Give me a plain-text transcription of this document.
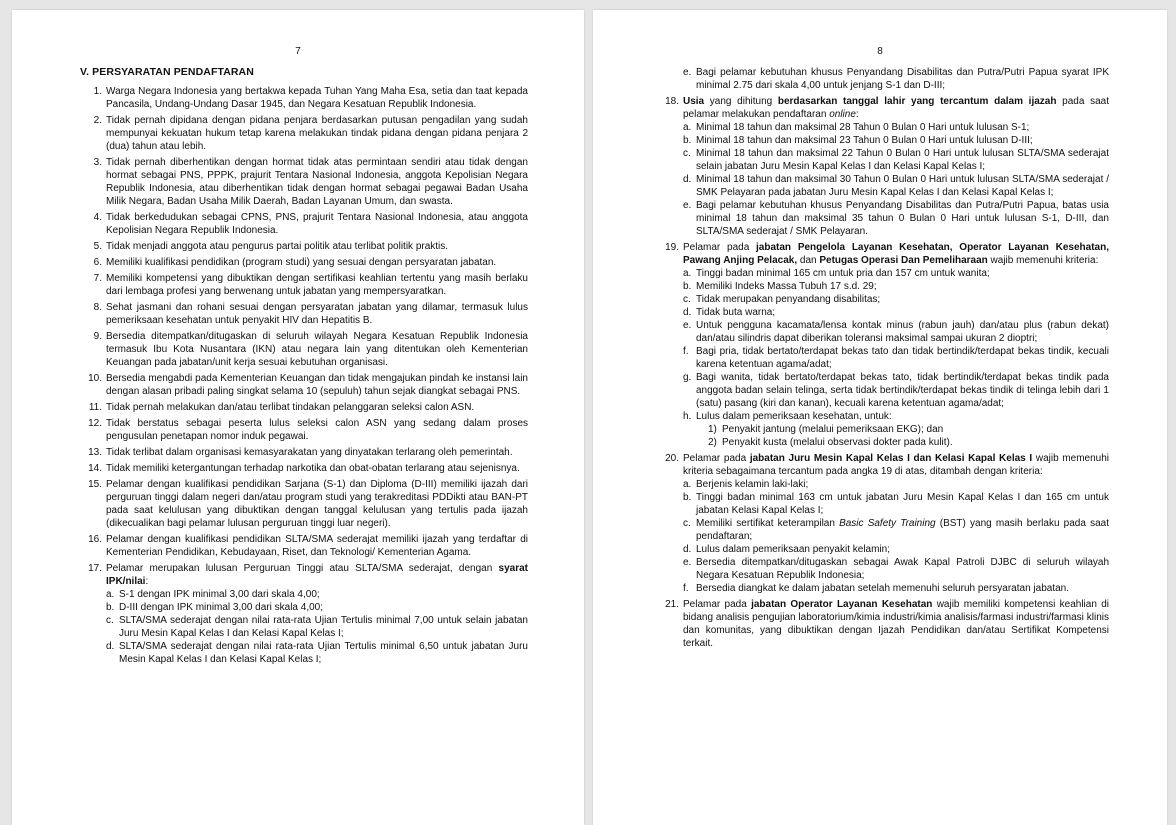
7
V. PERSYARATAN PENDAFTARAN
1. Warga Negara Indonesia yang bertakwa kepada Tuhan Yang Maha Esa, setia dan taat kepada Pancasila, Undang-Undang Dasar 1945, dan Negara Kesatuan Republik Indonesia.
2. Tidak pernah dipidana dengan pidana penjara berdasarkan putusan pengadilan yang sudah mempunyai kekuatan hukum tetap karena melakukan tindak pidana dengan pidana penjara 2 (dua) tahun atau lebih.
3. Tidak pernah diberhentikan dengan hormat tidak atas permintaan sendiri atau tidak dengan hormat sebagai PNS, PPPK, prajurit Tentara Nasional Indonesia, anggota Kepolisian Negara Republik Indonesia, atau diberhentikan tidak dengan hormat sebagai pegawai Badan Usaha Milik Negara, Badan Usaha Milik Daerah, Badan Layanan Umum, dan swasta.
4. Tidak berkedudukan sebagai CPNS, PNS, prajurit Tentara Nasional Indonesia, atau anggota Kepolisian Negara Republik Indonesia.
5. Tidak menjadi anggota atau pengurus partai politik atau terlibat politik praktis.
6. Memiliki kualifikasi pendidikan (program studi) yang sesuai dengan persyaratan jabatan.
7. Memiliki kompetensi yang dibuktikan dengan sertifikasi keahlian tertentu yang masih berlaku dari lembaga profesi yang berwenang untuk jabatan yang mempersyaratkan.
8. Sehat jasmani dan rohani sesuai dengan persyaratan jabatan yang dilamar, termasuk lulus pemeriksaan kesehatan untuk penyakit HIV dan Hepatitis B.
9. Bersedia ditempatkan/ditugaskan di seluruh wilayah Negara Kesatuan Republik Indonesia termasuk Ibu Kota Nusantara (IKN) atau negara lain yang ditentukan oleh Kementerian Keuangan pada jabatan/unit kerja sesuai kebutuhan organisasi.
10. Bersedia mengabdi pada Kementerian Keuangan dan tidak mengajukan pindah ke instansi lain dengan alasan pribadi paling singkat selama 10 (sepuluh) tahun sejak diangkat sebagai PNS.
11. Tidak pernah melakukan dan/atau terlibat tindakan pelanggaran seleksi calon ASN.
12. Tidak berstatus sebagai peserta lulus seleksi calon ASN yang sedang dalam proses pengusulan penetapan nomor induk pegawai.
13. Tidak terlibat dalam organisasi kemasyarakatan yang dinyatakan terlarang oleh pemerintah.
14. Tidak memiliki ketergantungan terhadap narkotika dan obat-obatan terlarang atau sejenisnya.
15. Pelamar dengan kualifikasi pendidikan Sarjana (S-1) dan Diploma (D-III) memiliki ijazah dari perguruan tinggi dalam negeri dan/atau program studi yang terakreditasi PDDikti atau BAN-PT pada saat kelulusan yang dibuktikan dengan tanggal kelulusan yang tertulis pada ijazah (dikecualikan bagi pelamar lulusan perguruan tinggi luar negeri).
16. Pelamar dengan kualifikasi pendidikan SLTA/SMA sederajat memiliki ijazah yang terdaftar di Kementerian Pendidikan, Kebudayaan, Riset, dan Teknologi/ Kementerian Agama.
17. Pelamar merupakan lulusan Perguruan Tinggi atau SLTA/SMA sederajat, dengan syarat IPK/nilai:
a. S-1 dengan IPK minimal 3,00 dari skala 4,00;
b. D-III dengan IPK minimal 3,00 dari skala 4,00;
c. SLTA/SMA sederajat dengan nilai rata-rata Ujian Tertulis minimal 7,00 untuk selain jabatan Juru Mesin Kapal Kelas I dan Kelasi Kapal Kelas I;
d. SLTA/SMA sederajat dengan nilai rata-rata Ujian Tertulis minimal 6,50 untuk jabatan Juru Mesin Kapal Kelas I dan Kelasi Kapal Kelas I;
8
e. Bagi pelamar kebutuhan khusus Penyandang Disabilitas dan Putra/Putri Papua syarat IPK minimal 2.75 dari skala 4,00 untuk jenjang S-1 dan D-III;
18. Usia yang dihitung berdasarkan tanggal lahir yang tercantum dalam ijazah pada saat pelamar melakukan pendaftaran online:
a. Minimal 18 tahun dan maksimal 28 Tahun 0 Bulan 0 Hari untuk lulusan S-1;
b. Minimal 18 tahun dan maksimal 23 Tahun 0 Bulan 0 Hari untuk lulusan D-III;
c. Minimal 18 tahun dan maksimal 22 Tahun 0 Bulan 0 Hari untuk lulusan SLTA/SMA sederajat selain jabatan Juru Mesin Kapal Kelas I dan Kelasi Kapal Kelas I;
d. Minimal 18 tahun dan maksimal 30 Tahun 0 Bulan 0 Hari untuk lulusan SLTA/SMA sederajat / SMK Pelayaran pada jabatan Juru Mesin Kapal Kelas I dan Kelasi Kapal Kelas I;
e. Bagi pelamar kebutuhan khusus Penyandang Disabilitas dan Putra/Putri Papua, batas usia minimal 18 tahun dan maksimal 35 tahun 0 Bulan 0 Hari untuk lulusan S-1, D-III, dan SLTA/SMA sederajat / SMK Pelayaran.
19. Pelamar pada jabatan Pengelola Layanan Kesehatan, Operator Layanan Kesehatan, Pawang Anjing Pelacak, dan Petugas Operasi Dan Pemeliharaan wajib memenuhi kriteria:
a. Tinggi badan minimal 165 cm untuk pria dan 157 cm untuk wanita;
b. Memiliki Indeks Massa Tubuh 17 s.d. 29;
c. Tidak merupakan penyandang disabilitas;
d. Tidak buta warna;
e. Untuk pengguna kacamata/lensa kontak minus (rabun jauh) dan/atau plus (rabun dekat) dan/atau silindris dapat diberikan toleransi maksimal sampai ukuran 2 dioptri;
f. Bagi pria, tidak bertato/terdapat bekas tato dan tidak bertindik/terdapat bekas tindik, kecuali karena ketentuan agama/adat;
g. Bagi wanita, tidak bertato/terdapat bekas tato, tidak bertindik/terdapat bekas tindik pada anggota badan selain telinga, serta tidak bertindik/terdapat bekas tindik di telinga lebih dari 1 (satu) pasang (kiri dan kanan), kecuali karena ketentuan agama/adat;
h. Lulus dalam pemeriksaan kesehatan, untuk:
1) Penyakit jantung (melalui pemeriksaan EKG); dan
2) Penyakit kusta (melalui observasi dokter pada kulit).
20. Pelamar pada jabatan Juru Mesin Kapal Kelas I dan Kelasi Kapal Kelas I wajib memenuhi kriteria sebagaimana tercantum pada angka 19 di atas, ditambah dengan kriteria:
a. Berjenis kelamin laki-laki;
b. Tinggi badan minimal 163 cm untuk jabatan Juru Mesin Kapal Kelas I dan 165 cm untuk jabatan Kelasi Kapal Kelas I;
c. Memiliki sertifikat keterampilan Basic Safety Training (BST) yang masih berlaku pada saat pendaftaran;
d. Lulus dalam pemeriksaan penyakit kelamin;
e. Bersedia ditempatkan/ditugaskan sebagai Awak Kapal Patroli DJBC di seluruh wilayah Negara Kesatuan Republik Indonesia;
f. Bersedia diangkat ke dalam jabatan setelah memenuhi seluruh persyaratan jabatan.
21. Pelamar pada jabatan Operator Layanan Kesehatan wajib memiliki kompetensi keahlian di bidang analisis pengujian laboratorium/kimia industri/kimia analisis/farmasi industri/farmasi klinis dan komunitas, yang dibuktikan dengan Ijazah Pendidikan dan/atau Sertifikat Kompetensi terkait.
